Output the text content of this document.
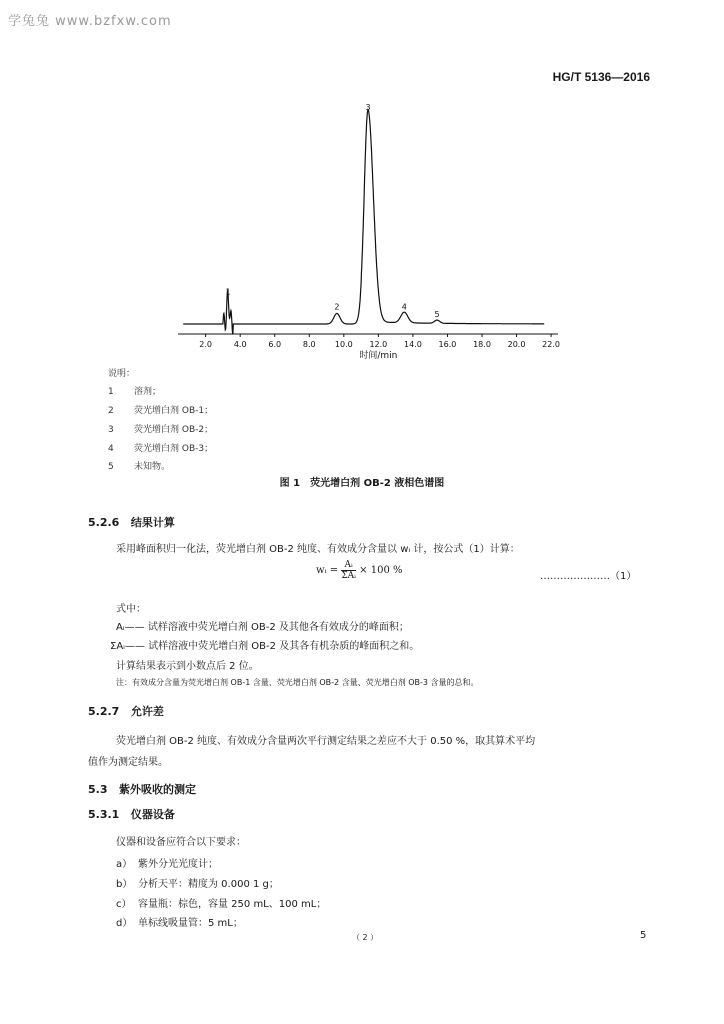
学兔兔 www.bzfxw.com
HG/T 5136—2016
1
2
3
4
5
2.0	4.0	6.0	8.0 10.0 12.0 14.0 16.0 18.0 20.0 22.0
时间/min
说明：
1 溶剂；
2 荧光增白剂 OB-1；
3 荧光增白剂 OB-2；
4 荧光增白剂 OB-3；
5 未知物。
图 1　荧光增白剂 OB-2 液相色谱图
5.2.6 结果计算
采用峰面积归一化法，荧光增白剂 OB-2 纯度、有效成分含量以 wᵢ 计，按公式（1）计算：
wᵢ = $\frac{\text{Aᵢ}}{\text{ΣAᵢ}} \times 100$ %
…………………（1）
式中：
Aᵢ—— 试样溶液中荧光增白剂 OB-2 及其他各有效成分的峰面积；
ΣAᵢ—— 试样溶液中荧光增白剂 OB-2 及其各有机杂质的峰面积之和。
计算结果表示到小数点后 2 位。
注：有效成分含量为荧光增白剂 OB-1 含量、荧光增白剂 OB-2 含量、荧光增白剂 OB-3 含量的总和。
5.2.7 允许差
荧光增白剂 OB-2 纯度、有效成分含量两次平行测定结果之差应不大于 0.50 %，取其算术平均
值作为测定结果。
5.3 紫外吸收的测定
5.3.1 仪器设备
仪器和设备应符合以下要求：
a） 紫外分光光度计；
b） 分析天平：精度为 0.000 1 g；
c） 容量瓶：棕色，容量 250 mL、100 mL；
d） 单标线吸量管：5 mL；
（ 2 ）	5
